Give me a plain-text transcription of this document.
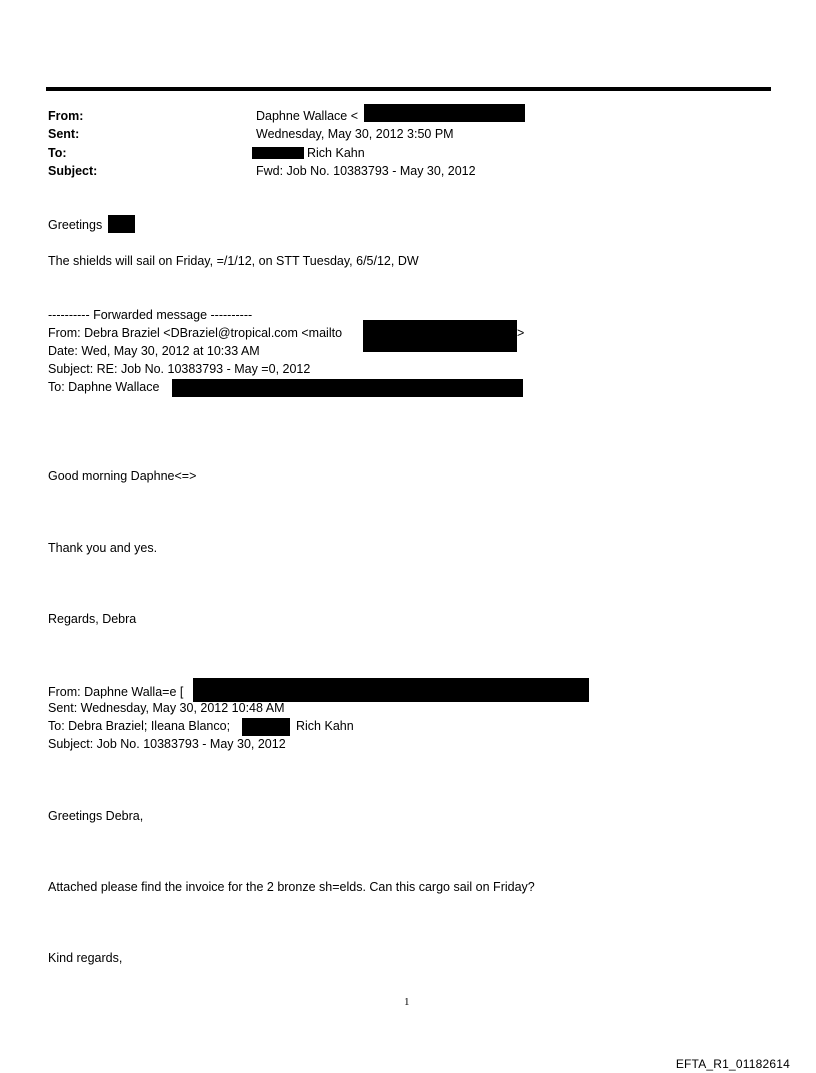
From:	Daphne Wallace <
Sent:	Wednesday, May 30, 2012 3:50 PM
To:	Rich Kahn
Subject:	Fwd: Job No. 10383793 - May 30, 2012
Greetings
The shields will sail on Friday, =/1/12, on STT Tuesday, 6/5/12, DW
---------- Forwarded message ----------
From: Debra Braziel <DBraziel@tropical.com <mailto	>
Date: Wed, May 30, 2012 at 10:33 AM
Subject: RE: Job No. 10383793 - May =0, 2012
To: Daphne Wallace
Good morning Daphne<=>
Thank you and yes.
Regards, Debra
From: Daphne Walla=e [
Sent: Wednesday, May 30, 2012 10:48 AM
To: Debra Braziel; Ileana Blanco;	Rich Kahn
Subject: Job No. 10383793 - May 30, 2012
Greetings Debra,
Attached please find the invoice for the 2 bronze sh=elds. Can this cargo sail on Friday?
Kind regards,
1
EFTA_R1_01182614
